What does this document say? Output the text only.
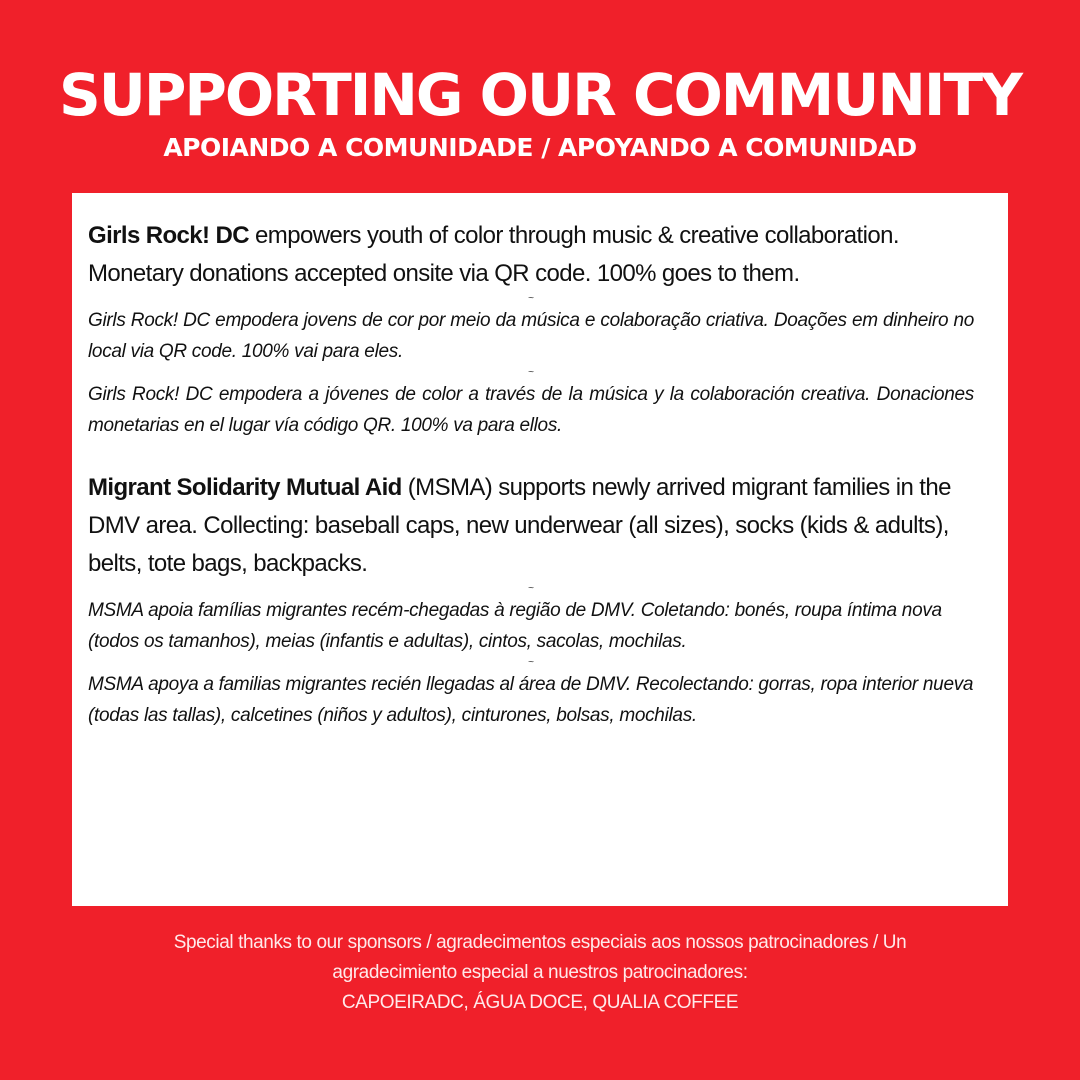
SUPPORTING OUR COMMUNITY
APOIANDO A COMUNIDADE / APOYANDO A COMUNIDAD

Girls Rock! DC empowers youth of color through music & creative collaboration. Monetary donations accepted onsite via QR code. 100% goes to them.

~

Girls Rock! DC empodera jovens de cor por meio da música e colaboração criativa. Doações em dinheiro no local via QR code. 100% vai para eles.

~

Girls Rock! DC empodera a jóvenes de color a través de la música y la colaboración creativa. Donaciones monetarias en el lugar vía código QR. 100% va para ellos.

Migrant Solidarity Mutual Aid (MSMA) supports newly arrived migrant families in the DMV area. Collecting: baseball caps, new underwear (all sizes), socks (kids & adults), belts, tote bags, backpacks.

~

MSMA apoia famílias migrantes recém-chegadas à região de DMV. Coletando: bonés, roupa íntima nova (todos os tamanhos), meias (infantis e adultas), cintos, sacolas, mochilas.

~

MSMA apoya a familias migrantes recién llegadas al área de DMV. Recolectando: gorras, ropa interior nueva (todas las tallas), calcetines (niños y adultos), cinturones, bolsas, mochilas.

Special thanks to our sponsors / agradecimentos especiais aos nossos patrocinadores / Un
agradecimiento especial a nuestros patrocinadores:
CAPOEIRADC, ÁGUA DOCE, QUALIA COFFEE
